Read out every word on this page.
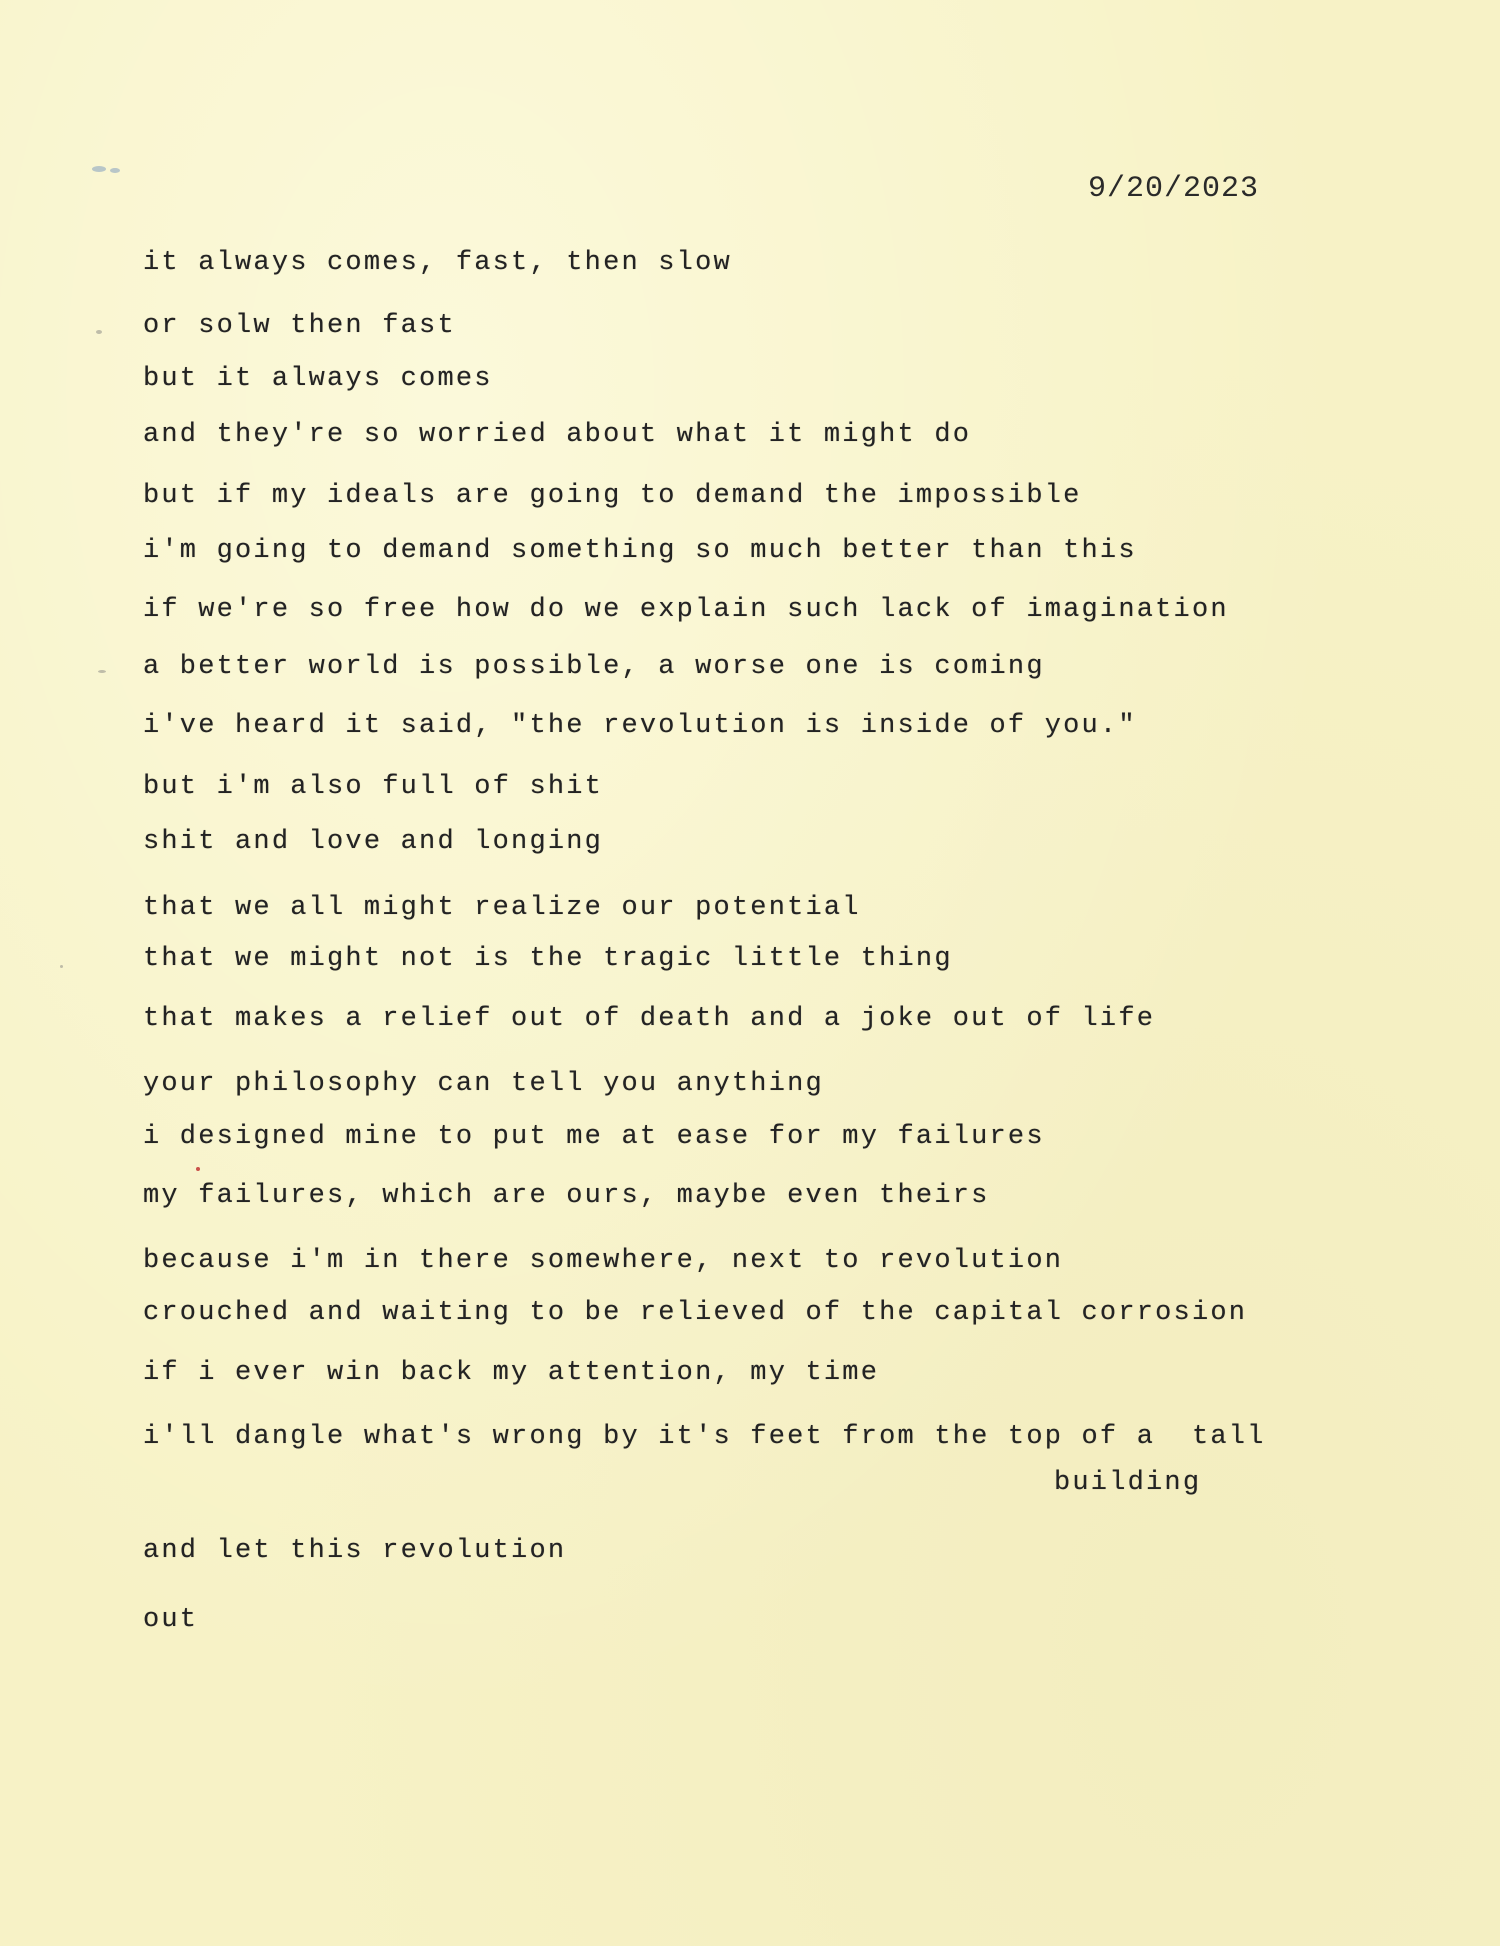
9/20/2023
it always comes, fast, then slow
or solw then fast
but it always comes
and they're so worried about what it might do
but if my ideals are going to demand the impossible
i'm going to demand something so much better than this
if we're so free how do we explain such lack of imagination
a better world is possible, a worse one is coming
i've heard it said, "the revolution is inside of you."
but i'm also full of shit
shit and love and longing
that we all might realize our potential
that we might not is the tragic little thing
that makes a relief out of death and a joke out of life
your philosophy can tell you anything
i designed mine to put me at ease for my failures
my failures, which are ours, maybe even theirs
because i'm in there somewhere, next to revolution
crouched and waiting to be relieved of the capital corrosion
if i ever win back my attention, my time
i'll dangle what's wrong by it's feet from the top of a  tall
building
and let this revolution
out
